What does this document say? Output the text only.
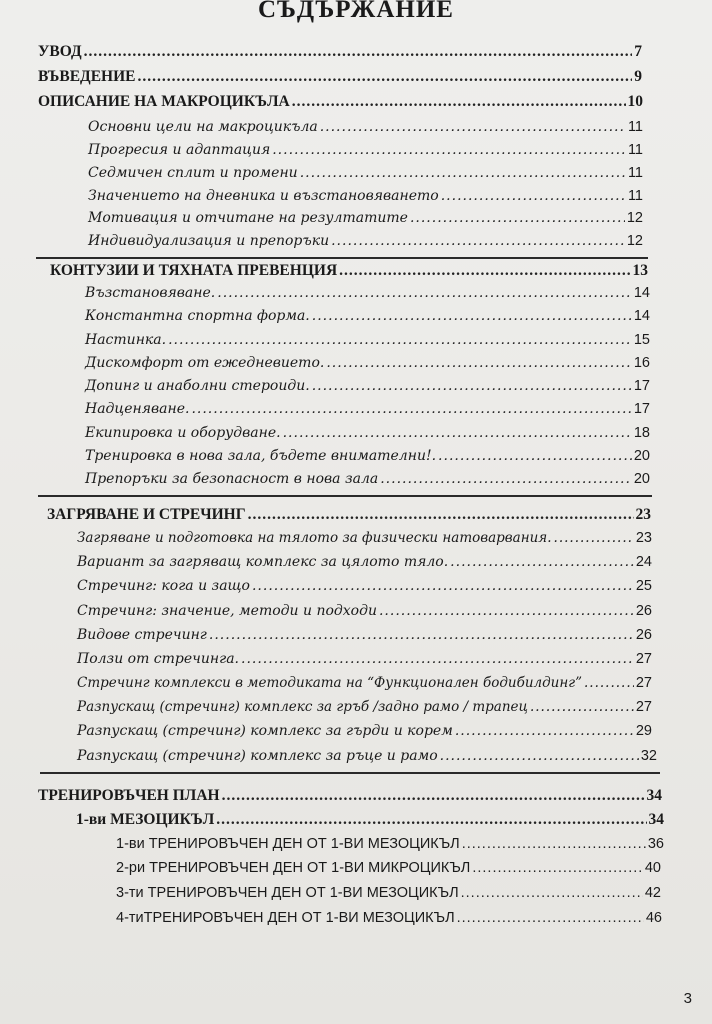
СЪДЪРЖАНИЕ
УВОД .....	7
ВЪВЕДЕНИЕ .....	9
ОПИСАНИЕ НА МАКРОЦИКЪЛА .....	10
Основни цели на макроцикъла .....	11
Прогресия и адаптация .....	11
Седмичен сплит и промени .....	11
Значението на дневника и възстановяването .....	11
Мотивация и отчитане на резултатите .....	12
Индивидуализация и препоръки .....	12
КОНТУЗИИ И ТЯХНАТА ПРЕВЕНЦИЯ .....	13
Възстановяване. .....	14
Константна спортна форма. .....	14
Настинка. .....	15
Дискомфорт от ежедневието. .....	16
Допинг и анаболни стероиди. .....	17
Надценяване. .....	17
Екипировка и оборудване. .....	18
Тренировка в нова зала, бъдете внимателни!. .....	20
Препоръки за безопасност в нова зала .....	20
ЗАГРЯВАНЕ И СТРЕЧИНГ .....	23
Загряване и подготовка на тялото за физически натоварвания. .....	23
Вариант за загряващ комплекс за цялото тяло. .....	24
Стречинг: кога и защо .....	25
Стречинг: значение, методи и подходи .....	26
Видове стречинг .....	26
Ползи от стречинга. .....	27
Стречинг комплекси в методиката на “Функционален бодибилдинг” .....	27
Разпускащ (стречинг) комплекс за гръб /задно рамо / трапец .....	27
Разпускащ (стречинг) комплекс за гърди и корем .....	29
Разпускащ (стречинг) комплекс за ръце и рамо .....	32
ТРЕНИРОВЪЧЕН ПЛАН .....	34
1-ви МЕЗОЦИКЪЛ .....	34
1-ви ТРЕНИРОВЪЧЕН ДЕН ОТ 1-ВИ МЕЗОЦИКЪЛ .....	36
2-ри ТРЕНИРОВЪЧЕН ДЕН ОТ 1-ВИ МИКРОЦИКЪЛ .....	40
3-ти ТРЕНИРОВЪЧЕН ДЕН ОТ 1-ВИ МЕЗОЦИКЪЛ .....	42
4-тиТРЕНИРОВЪЧЕН ДЕН ОТ 1-ВИ МЕЗОЦИКЪЛ .....	46
3
